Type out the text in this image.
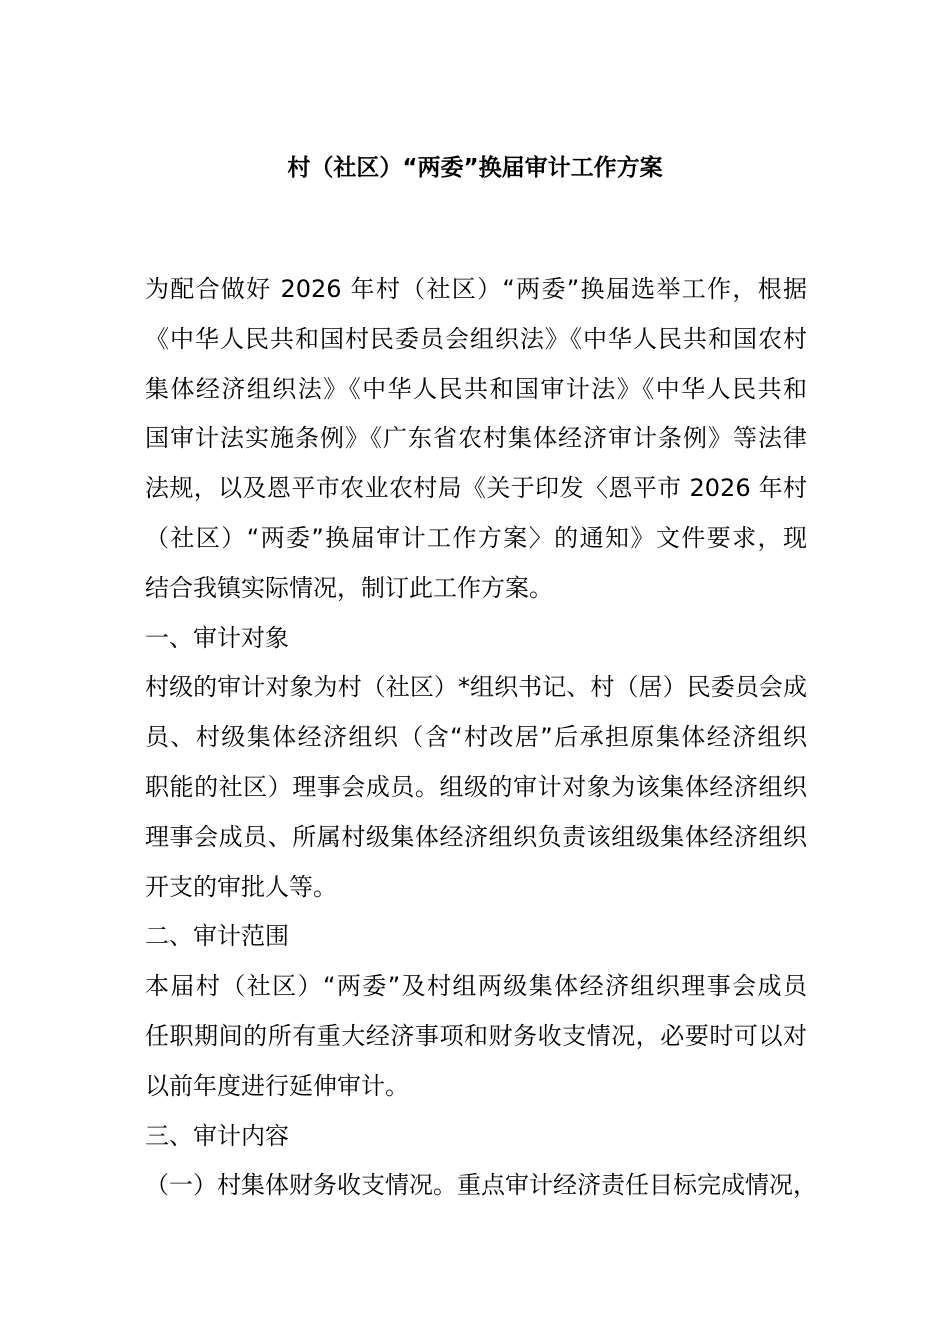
村（社区）“两委”换届审计工作方案
为配合做好 2026 年村（社区）“两委”换届选举工作，根据
《中华人民共和国村民委员会组织法》《中华人民共和国农村
集体经济组织法》《中华人民共和国审计法》《中华人民共和
国审计法实施条例》《广东省农村集体经济审计条例》等法律
法规，以及恩平市农业农村局《关于印发〈恩平市 2026 年村
（社区）“两委”换届审计工作方案〉的通知》文件要求，现
结合我镇实际情况，制订此工作方案。
一、审计对象
村级的审计对象为村（社区）*组织书记、村（居）民委员会成
员、村级集体经济组织（含“村改居”后承担原集体经济组织
职能的社区）理事会成员。组级的审计对象为该集体经济组织
理事会成员、所属村级集体经济组织负责该组级集体经济组织
开支的审批人等。
二、审计范围
本届村（社区）“两委”及村组两级集体经济组织理事会成员
任职期间的所有重大经济事项和财务收支情况，必要时可以对
以前年度进行延伸审计。
三、审计内容
（一）村集体财务收支情况。重点审计经济责任目标完成情况，
